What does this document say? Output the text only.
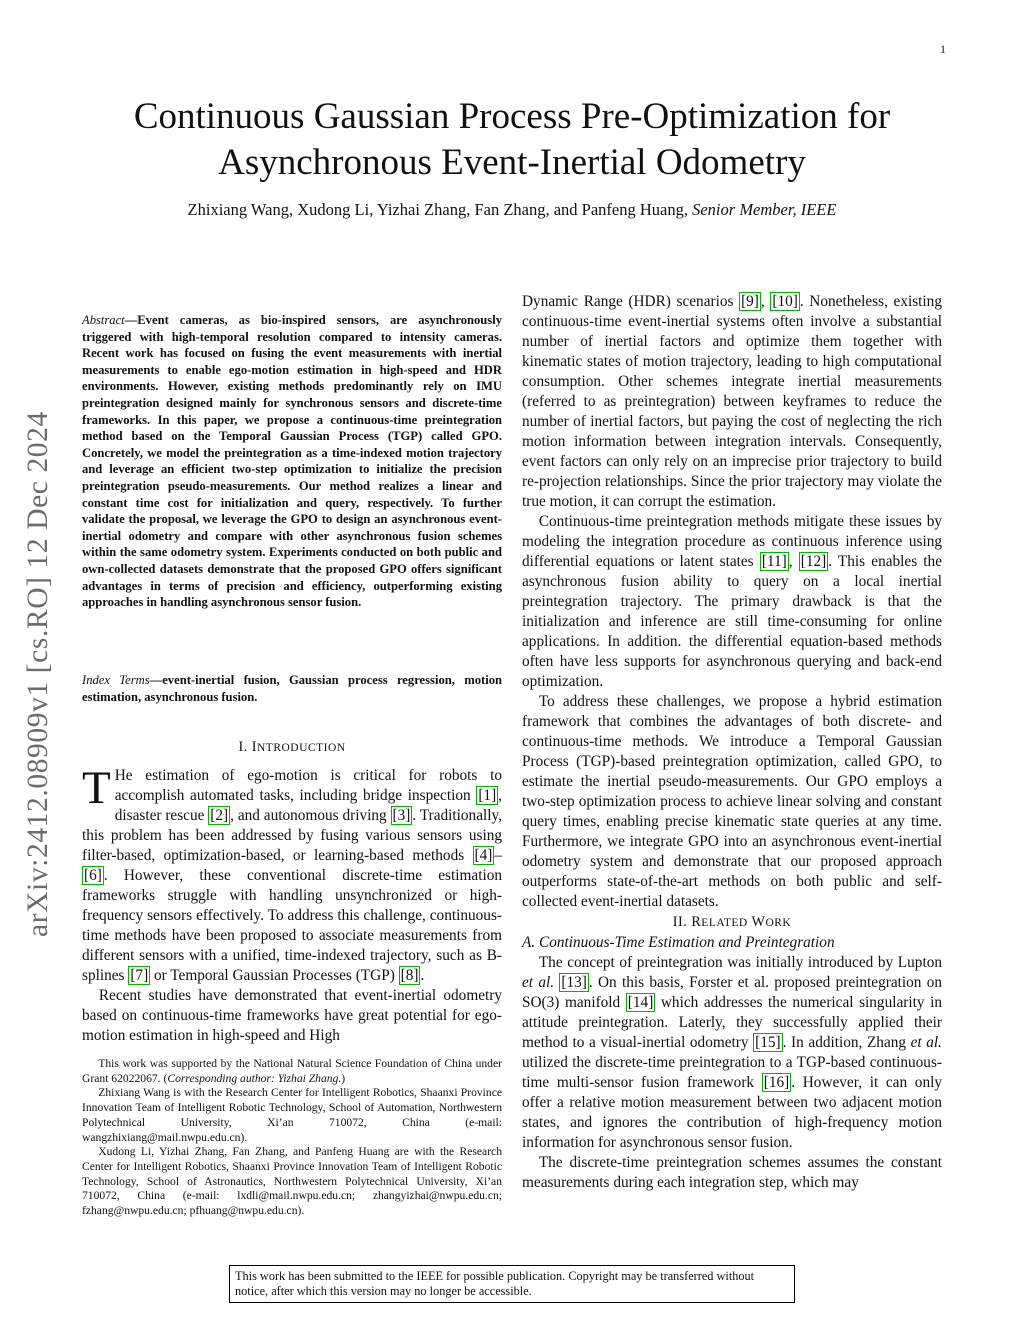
1
arXiv:2412.08909v1 [cs.RO] 12 Dec 2024
Continuous Gaussian Process Pre-Optimization for Asynchronous Event-Inertial Odometry
Zhixiang Wang, Xudong Li, Yizhai Zhang, Fan Zhang, and Panfeng Huang, Senior Member, IEEE
Abstract—Event cameras, as bio-inspired sensors, are asynchronously triggered with high-temporal resolution compared to intensity cameras. Recent work has focused on fusing the event measurements with inertial measurements to enable ego-motion estimation in high-speed and HDR environments. However, existing methods predominantly rely on IMU preintegration designed mainly for synchronous sensors and discrete-time frameworks. In this paper, we propose a continuous-time preintegration method based on the Temporal Gaussian Process (TGP) called GPO. Concretely, we model the preintegration as a time-indexed motion trajectory and leverage an efficient two-step optimization to initialize the precision preintegration pseudo-measurements. Our method realizes a linear and constant time cost for initialization and query, respectively. To further validate the proposal, we leverage the GPO to design an asynchronous event-inertial odometry and compare with other asynchronous fusion schemes within the same odometry system. Experiments conducted on both public and own-collected datasets demonstrate that the proposed GPO offers significant advantages in terms of precision and efficiency, outperforming existing approaches in handling asynchronous sensor fusion.
Index Terms—event-inertial fusion, Gaussian process regression, motion estimation, asynchronous fusion.
I. INTRODUCTION

T He estimation of ego-motion is critical for robots to accomplish automated tasks, including bridge inspection [1] , disaster rescue [2] , and autonomous driving [3] . Traditionally, this problem has been addressed by fusing various sensors using filter-based, optimization-based, or learning-based methods [4] –[6] . However, these conventional discrete-time estimation frameworks struggle with handling unsynchronized or high-frequency sensors effectively. To address this challenge, continuous-time methods have been proposed to associate measurements from different sensors with a unified, time-indexed trajectory, such as B-splines [7] or Temporal Gaussian Processes (TGP) [8] .

Recent studies have demonstrated that event-inertial odometry based on continuous-time frameworks have great potential for ego-motion estimation in high-speed and High

This work was supported by the National Natural Science Foundation of China under Grant 62022067. (Corresponding author: Yizhai Zhang.)

Zhixiang Wang is with the Research Center for Intelligent Robotics, Shaanxi Province Innovation Team of Intelligent Robotic Technology, School of Automation, Northwestern Polytechnical University, Xi’an 710072, China (e-mail: wangzhixiang@mail.nwpu.edu.cn).

Xudong Li, Yizhai Zhang, Fan Zhang, and Panfeng Huang are with the Research Center for Intelligent Robotics, Shaanxi Province Innovation Team of Intelligent Robotic Technology, School of Astronautics, Northwestern Polytechnical University, Xi’an 710072, China (e-mail: lxdli@mail.nwpu.edu.cn; zhangyizhai@nwpu.edu.cn; fzhang@nwpu.edu.cn; pfhuang@nwpu.edu.cn).

Dynamic Range (HDR) scenarios [9] , [10] . Nonetheless, existing continuous-time event-inertial systems often involve a substantial number of inertial factors and optimize them together with kinematic states of motion trajectory, leading to high computational consumption. Other schemes integrate inertial measurements (referred to as preintegration) between keyframes to reduce the number of inertial factors, but paying the cost of neglecting the rich motion information between integration intervals. Consequently, event factors can only rely on an imprecise prior trajectory to build re-projection relationships. Since the prior trajectory may violate the true motion, it can corrupt the estimation.

Continuous-time preintegration methods mitigate these issues by modeling the integration procedure as continuous inference using differential equations or latent states [11] , [12] . This enables the asynchronous fusion ability to query on a local inertial preintegration trajectory. The primary drawback is that the initialization and inference are still time-consuming for online applications. In addition. the differential equation-based methods often have less supports for asynchronous querying and back-end optimization.

To address these challenges, we propose a hybrid estimation framework that combines the advantages of both discrete- and continuous-time methods. We introduce a Temporal Gaussian Process (TGP)-based preintegration optimization, called GPO, to estimate the inertial pseudo-measurements. Our GPO employs a two-step optimization process to achieve linear solving and constant query times, enabling precise kinematic state queries at any time. Furthermore, we integrate GPO into an asynchronous event-inertial odometry system and demonstrate that our proposed approach outperforms state-of-the-art methods on both public and self-collected event-inertial datasets.

II. RELATED WORK

A. Continuous-Time Estimation and Preintegration

The concept of preintegration was initially introduced by Lupton et al. [13] . On this basis, Forster et al. proposed preintegration on SO(3) manifold [14] which addresses the numerical singularity in attitude preintegration. Laterly, they successfully applied their method to a visual-inertial odometry [15] . In addition, Zhang et al. utilized the discrete-time preintegration to a TGP-based continuous-time multi-sensor fusion framework [16] . However, it can only offer a relative motion measurement between two adjacent motion states, and ignores the contribution of high-frequency motion information for asynchronous sensor fusion.

The discrete-time preintegration schemes assumes the constant measurements during each integration step, which may

This work has been submitted to the IEEE for possible publication. Copyright may be transferred without notice, after which this version may no longer be accessible.
